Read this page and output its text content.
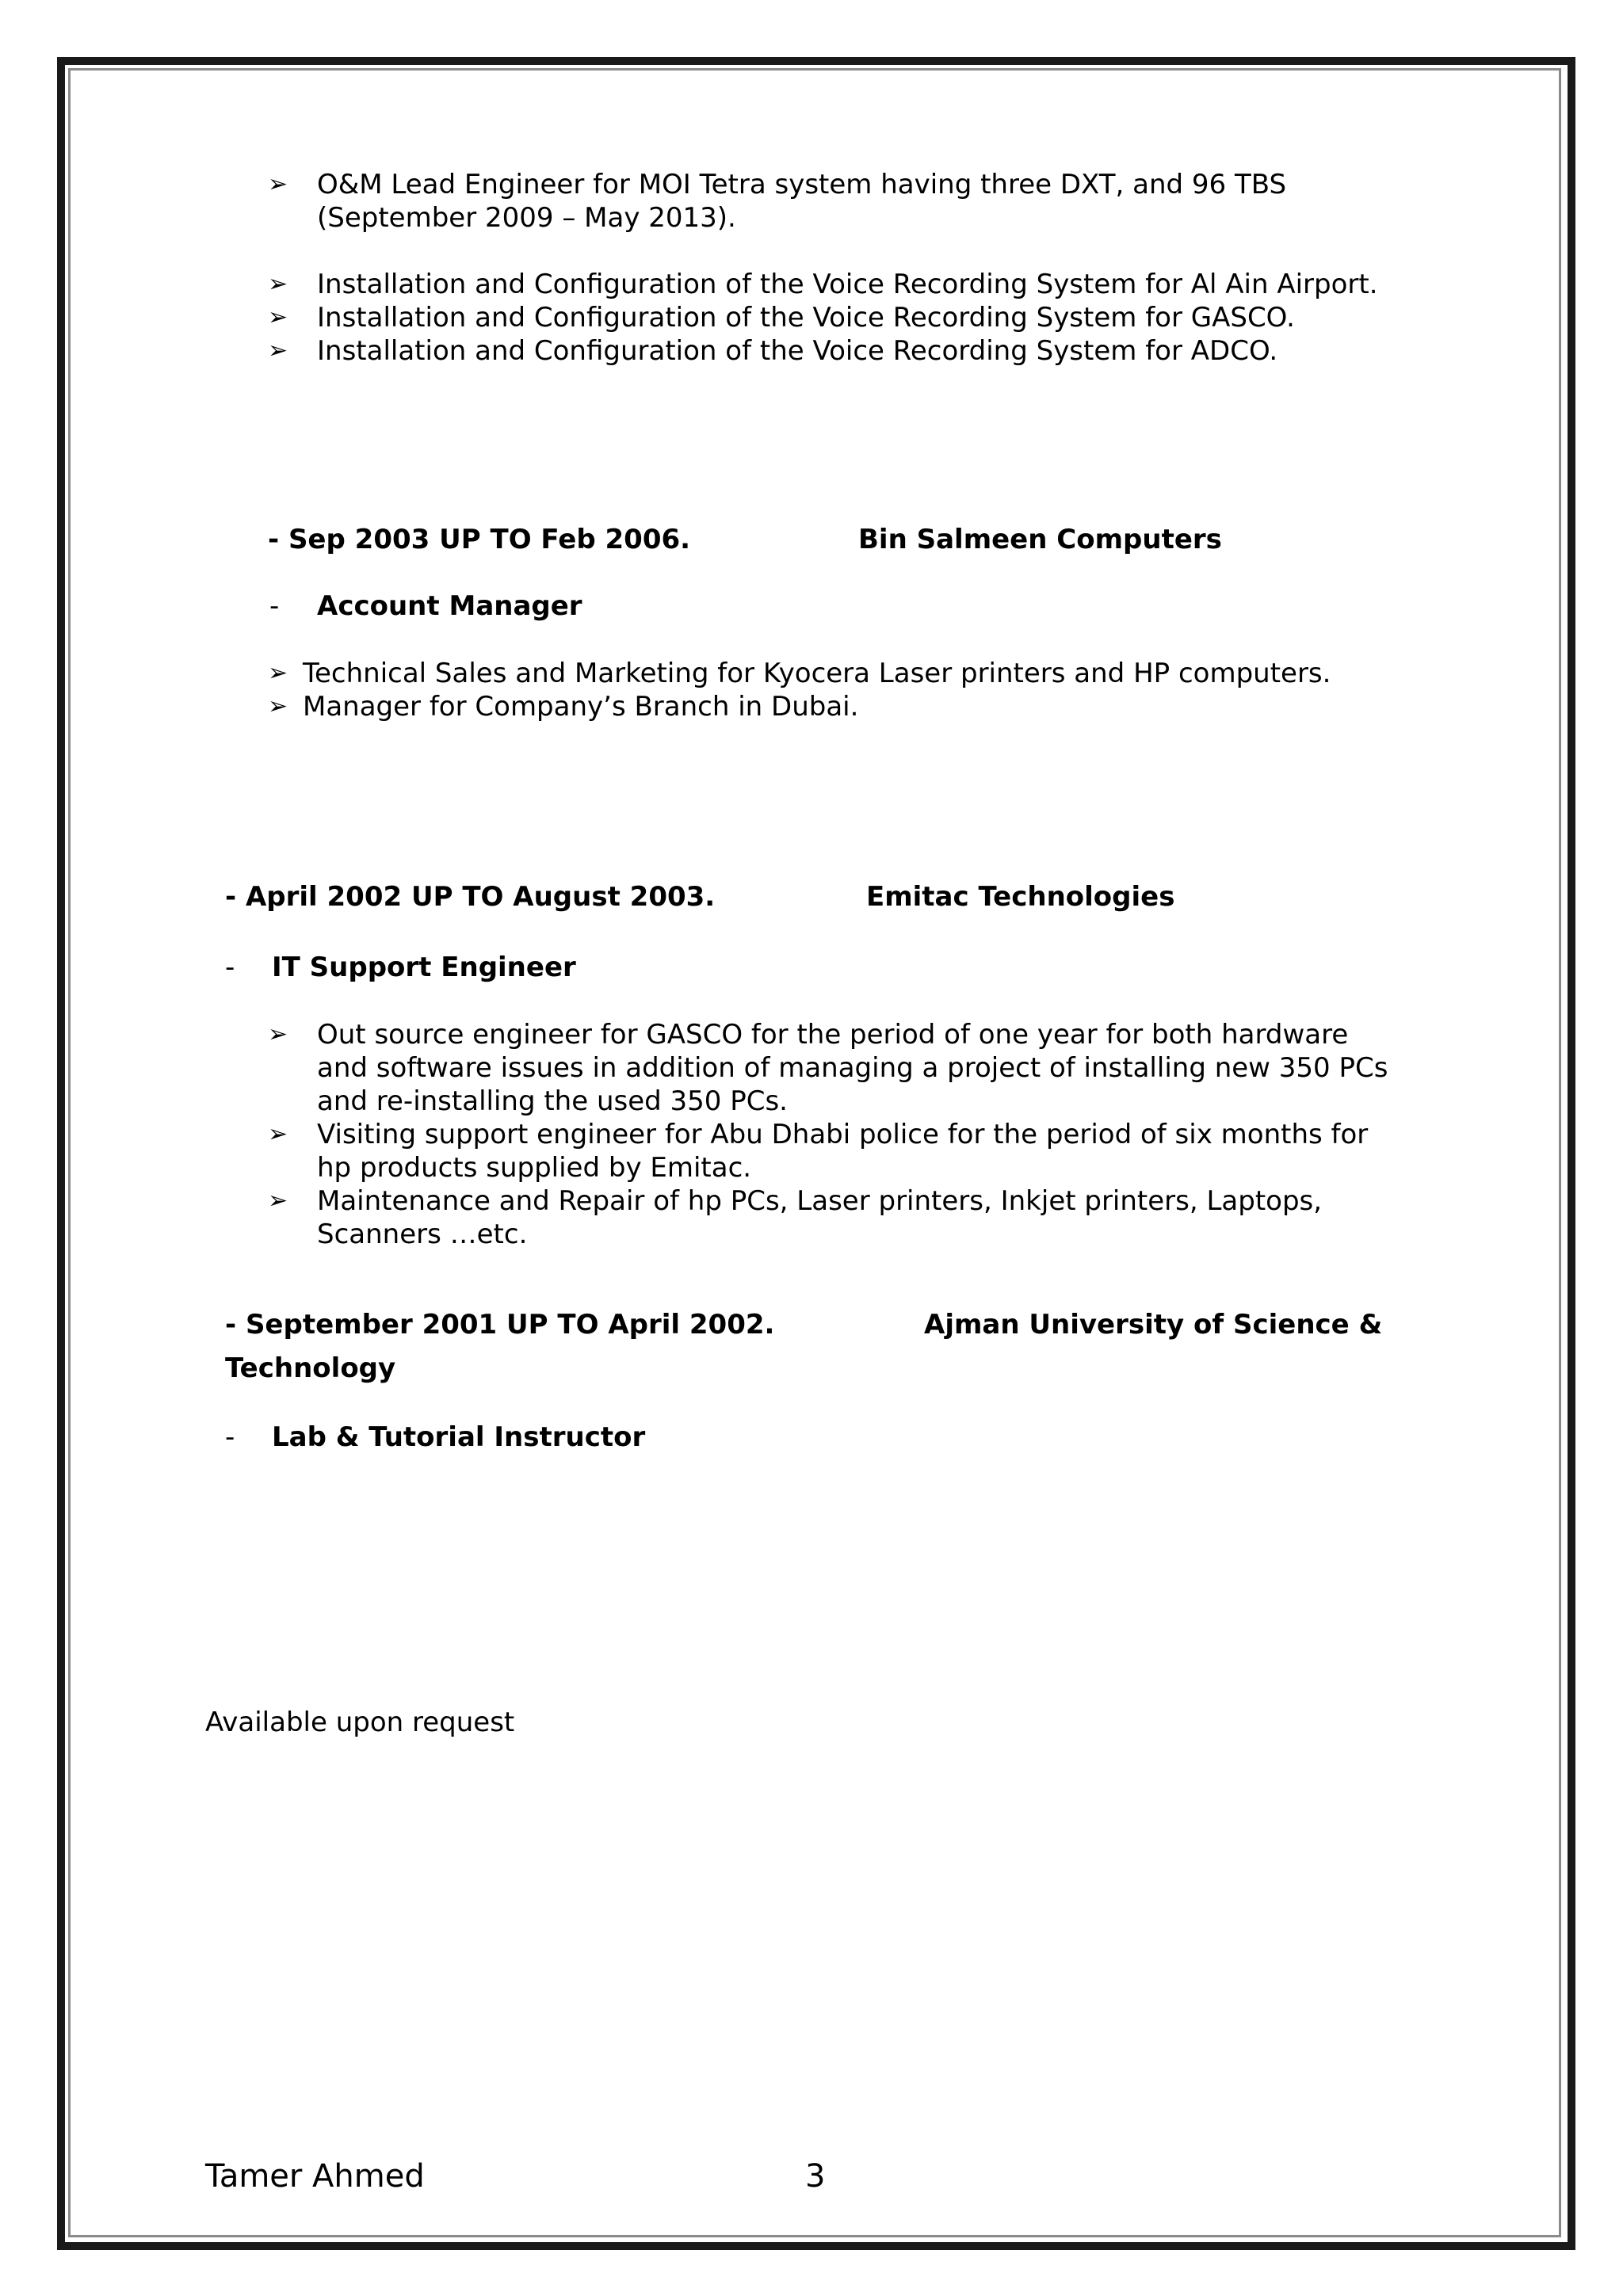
➢ O&M Lead Engineer for MOI Tetra system having three DXT, and 96 TBS
(September 2009 – May 2013).
➢ Installation and Configuration of the Voice Recording System for Al Ain Airport.
➢ Installation and Configuration of the Voice Recording System for GASCO.
➢ Installation and Configuration of the Voice Recording System for ADCO.
- Sep 2003 UP TO Feb 2006.	Bin Salmeen Computers
- Account Manager
➢ Technical Sales and Marketing for Kyocera Laser printers and HP computers.
➢ Manager for Company’s Branch in Dubai.
- April 2002 UP TO August 2003.	Emitac Technologies
- IT Support Engineer
➢ Out source engineer for GASCO for the period of one year for both hardware
and software issues in addition of managing a project of installing new 350 PCs
and re-installing the used 350 PCs.
➢ Visiting support engineer for Abu Dhabi police for the period of six months for
hp products supplied by Emitac.
➢ Maintenance and Repair of hp PCs, Laser printers, Inkjet printers, Laptops,
Scanners …etc.
- September 2001 UP TO April 2002.	Ajman University of Science &
Technology
- Lab & Tutorial Instructor
Available upon request
Tamer Ahmed	3
